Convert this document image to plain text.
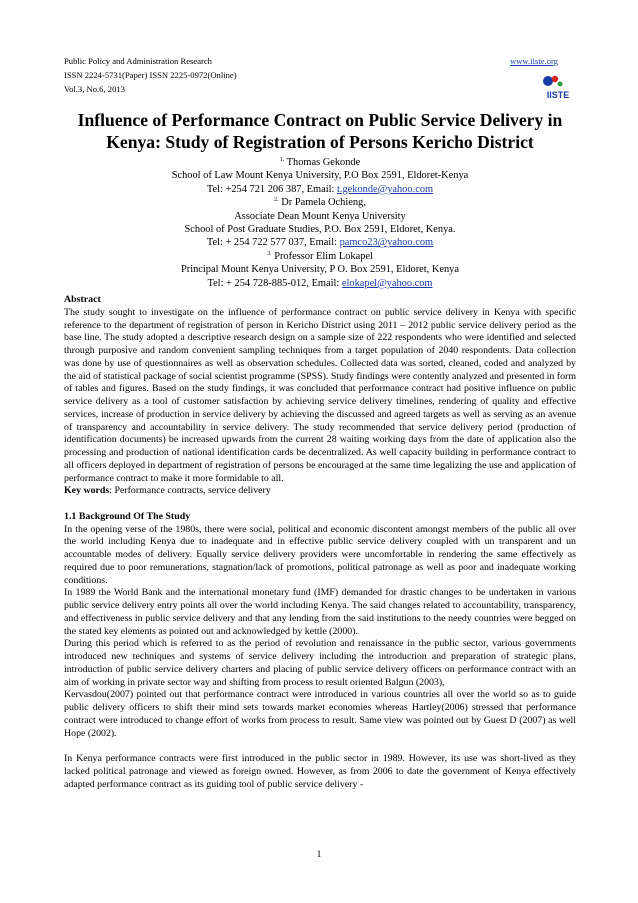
Public Policy and Administration Research
ISSN 2224-5731(Paper) ISSN 2225-0972(Online)
Vol.3, No.6, 2013
www.iiste.org
IISTE
Influence of Performance Contract on Public Service Delivery in
Kenya: Study of Registration of Persons Kericho District
$^{1.}$ Thomas Gekonde
School of Law Mount Kenya University, P.O Box 2591, Eldoret-Kenya
Tel: +254 721 206 387, Email: t.gekonde@yahoo.com
$^{2.}$ Dr Pamela Ochieng,
Associate Dean Mount Kenya University
School of Post Graduate Studies, P.O. Box 2591, Eldoret, Kenya.
Tel: + 254 722 577 037, Email: pamco23@yahoo.com
$^{3.}$ Professor Elim Lokapel
Principal Mount Kenya University, P O. Box 2591, Eldoret, Kenya
Tel: + 254 728-885-012, Email: elokapel@yahoo.com

Abstract

The study sought to investigate on the influence of performance contract on public service delivery in Kenya with specific reference to the department of registration of person in Kericho District using 2011 – 2012 public service delivery period as the base line. The study adopted a descriptive research design on a sample size of 222 respondents who were identified and selected through purposive and random convenient sampling techniques from a target population of 2040 respondents. Data collection was done by use of questionnaires as well as observation schedules. Collected data was sorted, cleaned, coded and analyzed by the aid of statistical package of social scientist programme (SPSS). Study findings were contently analyzed and presented in form of tables and figures. Based on the study findings, it was concluded that performance contract had positive influence on public service delivery as a tool of customer satisfaction by achieving service delivery timelines, rendering of quality and effective services, increase of production in service delivery by achieving the discussed and agreed targets as well as serving as an avenue of transparency and accountability in service delivery. The study recommended that service delivery period (production of identification documents) be increased upwards from the current 28 waiting working days from the date of application also the processing and production of national identification cards be decentralized. As well capacity building in performance contract to all officers deployed in department of registration of persons be encouraged at the same time legalizing the use and application of performance contract to make it more formidable to all.

Key words: Performance contracts, service delivery

1.1 Background Of The Study

In the opening verse of the 1980s, there were social, political and economic discontent amongst members of the public all over the world including Kenya due to inadequate and in effective public service delivery coupled with un transparent and un accountable modes of delivery. Equally service delivery providers were uncomfortable in rendering the same effectively as required due to poor remunerations, stagnation/lack of promotions, political patronage as well as poor and inadequate working conditions.

In 1989 the World Bank and the international monetary fund (IMF) demanded for drastic changes to be undertaken in various public service delivery entry points all over the world including Kenya. The said changes related to accountability, transparency, and effectiveness in public service delivery and that any lending from the said institutions to the needy countries were begged on the stated key elements as pointed out and acknowledged by kettle (2000).

During this period which is referred to as the period of revolution and renaissance in the public sector, various governments introduced new techniques and systems of service delivery including the introduction and preparation of strategic plans, introduction of public service delivery charters and placing of public service delivery officers on performance contract with an aim of working in private sector way and shifting from process to result oriented Balgun (2003),

Kervasdou(2007) pointed out that performance contract were introduced in various countries all over the world so as to guide public delivery officers to shift their mind sets towards market economies whereas Hartley(2006) stressed that performance contract were introduced to change effort of works from process to result. Same view was pointed out by Guest D (2007) as well Hope (2002).

In Kenya performance contracts were first introduced in the public sector in 1989. However, its use was short-lived as they lacked political patronage and viewed as foreign owned. However, as from 2006 to date the government of Kenya effectively adapted performance contract as its guiding tool of public service delivery -

1
